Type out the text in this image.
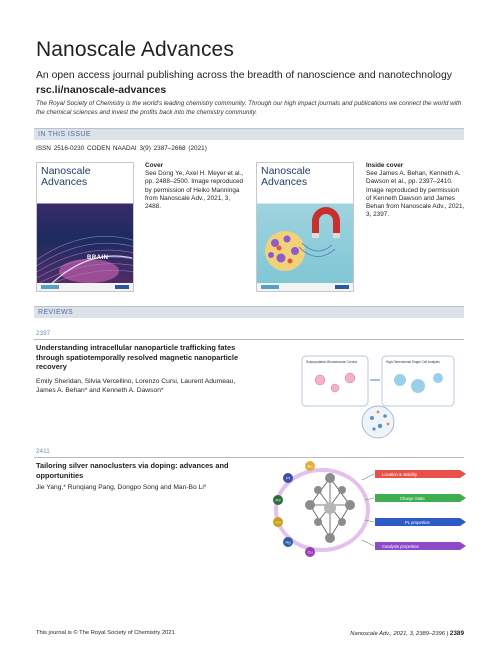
Nanoscale Advances
An open access journal publishing across the breadth of nanoscience and nanotechnology
rsc.li/nanoscale-advances
The Royal Society of Chemistry is the world's leading chemistry community. Through our high impact journals and publications we connect the world with the chemical sciences and invest the profits back into the chemistry community.
IN THIS ISSUE
ISSN 2516-0230 CODEN NAADAI 3(9) 2387–2668 (2021)
Nanoscale
Advances
BRAIN
Cover
See Dong Ye, Axel H. Meyer et al., pp. 2488–2500. Image reproduced by permission of Heiko Manninga from Nanoscale Adv., 2021, 3, 2488.
Nanoscale
Advances
Inside cover
See James A. Behan, Kenneth A. Dawson et al., pp. 2397–2410. Image reproduced by permission of Kenneth Dawson and James Behan from Nanoscale Adv., 2021, 3, 2397.
REVIEWS
2397
Understanding intracellular nanoparticle trafficking fates through spatiotemporally resolved magnetic nanoparticle recovery
Emily Sheridan, Silvia Vercellino, Lorenzo Cursi, Laurent Adumeau, James A. Behan* and Kenneth A. Dawson*
Subpopulation Biomolecular Corona	High Dimensional Single Cell Analysis
2411
Tailoring silver nanoclusters via doping: advances and opportunities
Jie Yang,* Runqiang Pang, Dongpo Song and Man-Bo Li*
Au
Pt
Pd
Cd
Hg
Cu
Location & stability
Charge State
PL properties
Catalysis properties
This journal is © The Royal Society of Chemistry 2021	Nanoscale Adv., 2021, 3, 2389–2396 | 2389
